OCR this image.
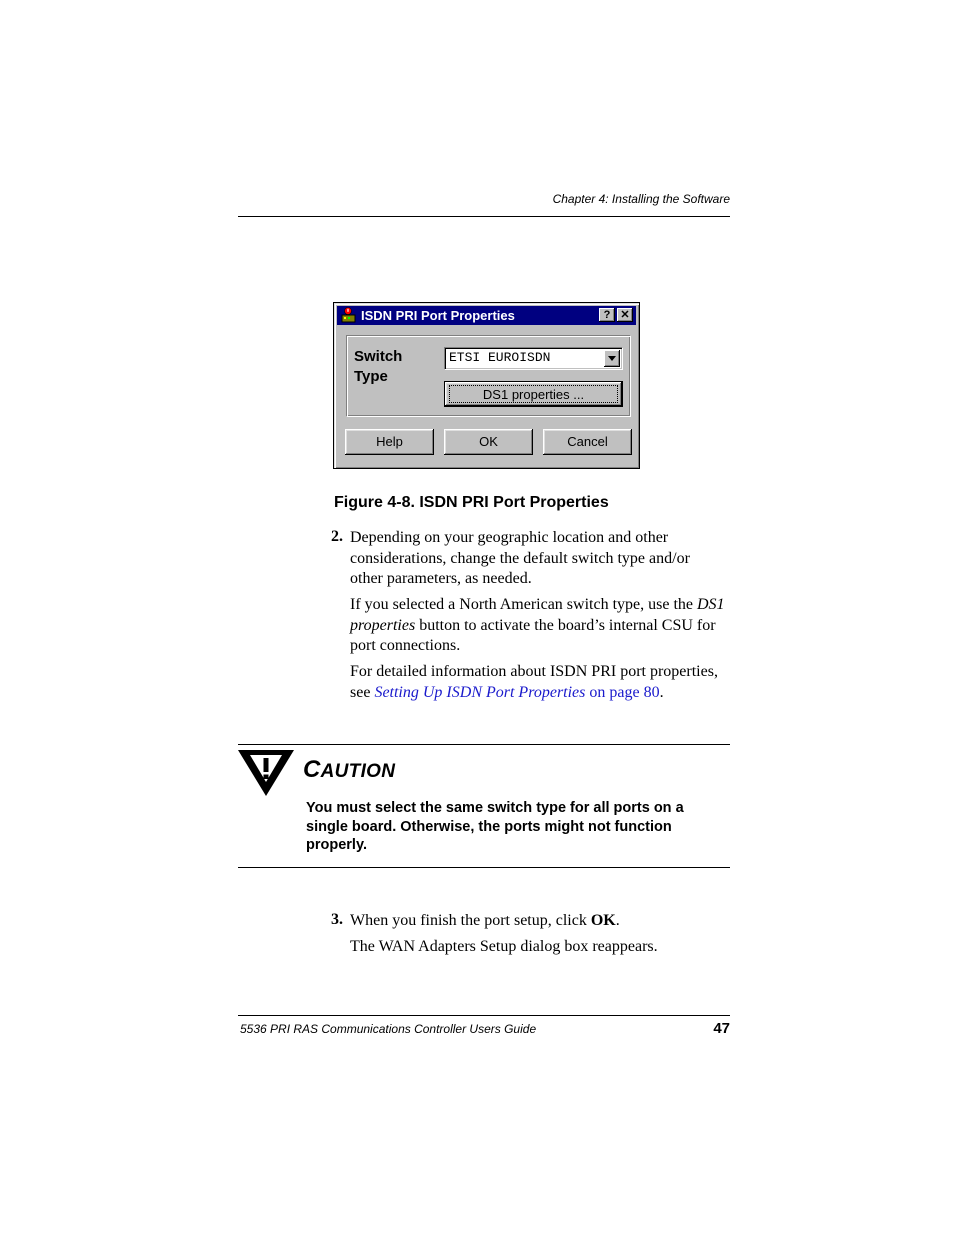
Chapter 4: Installing the Software
ISDN PRI Port Properties	? ✕
Switch
Type
ETSI EUROISDN
DS1 properties ...
Help	OK	Cancel
Figure 4-8. ISDN PRI Port Properties
2. Depending on your geographic location and other considerations, change the default switch type and/or other parameters, as needed.
If you selected a North American switch type, use the DS1 properties button to activate the board’s internal CSU for port connections.
For detailed information about ISDN PRI port properties, see Setting Up ISDN Port Properties on page 80.
CAUTION
You must select the same switch type for all ports on a single board. Otherwise, the ports might not function properly.
3. When you finish the port setup, click OK.
The WAN Adapters Setup dialog box reappears.
5536 PRI RAS Communications Controller Users Guide	47
